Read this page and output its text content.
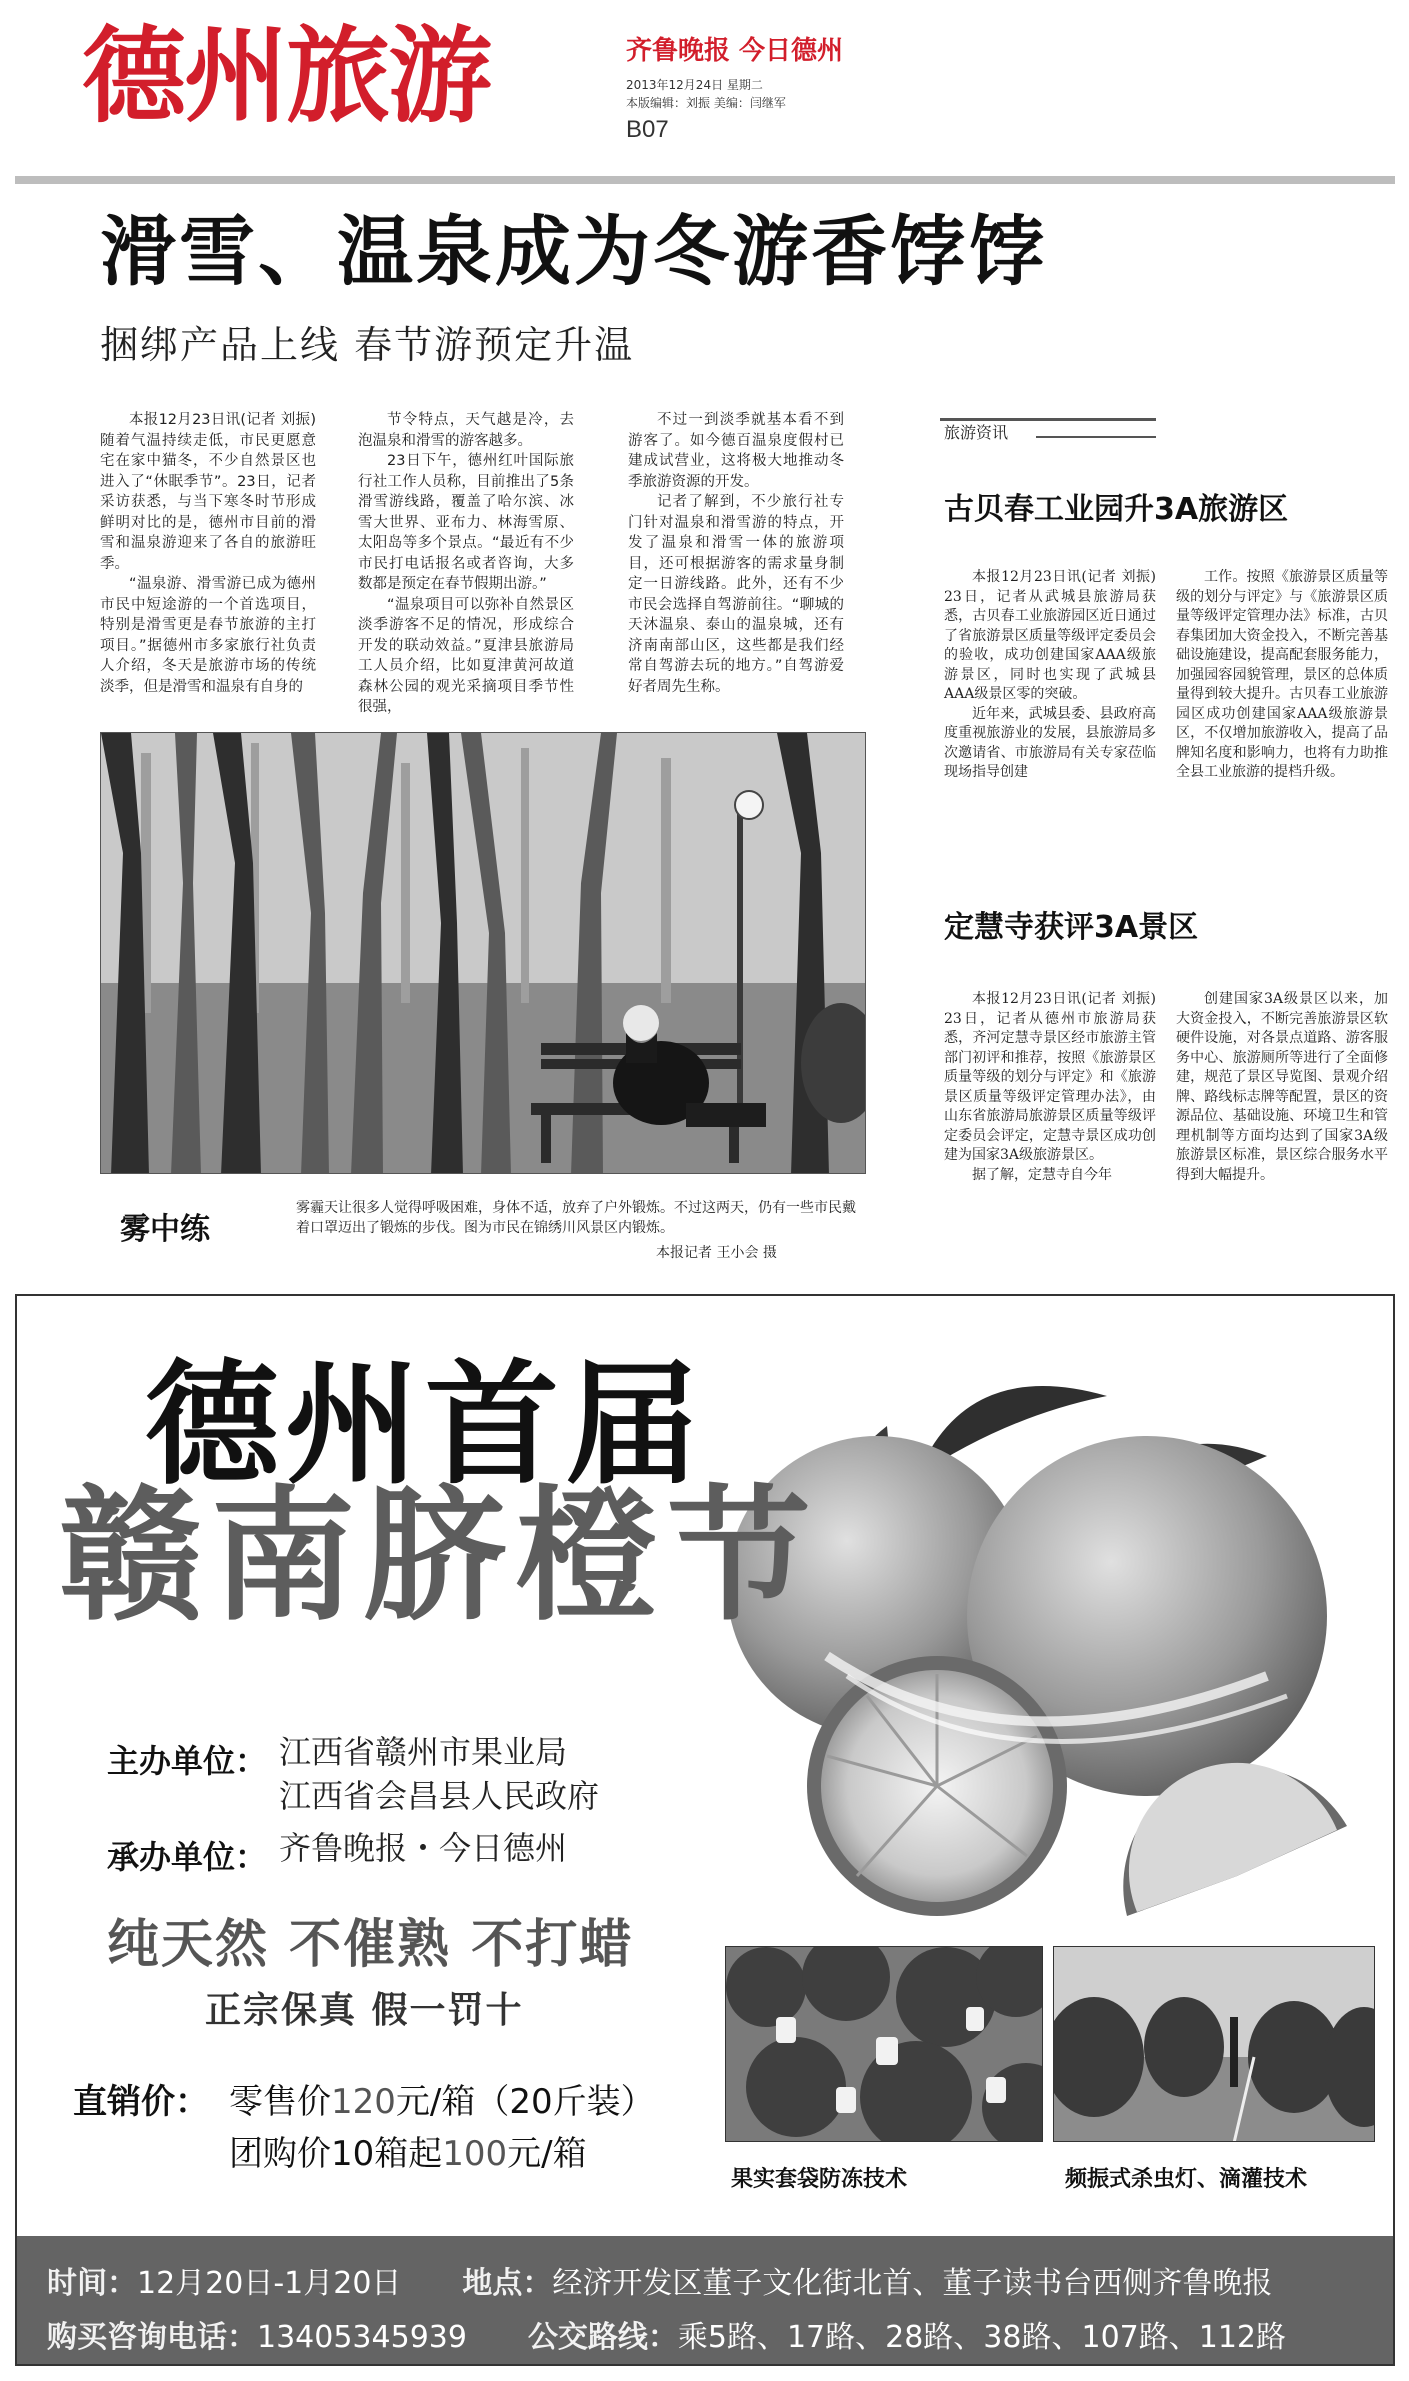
德州旅游	齐鲁晚报 今日德州
2013年12月24日 星期二
本版编辑：刘振 美编：闫继军
B07
滑雪、温泉成为冬游香饽饽
捆绑产品上线 春节游预定升温

本报12月23日讯(记者 刘振) 随着气温持续走低，市民更愿意宅在家中猫冬，不少自然景区也进入了“休眠季节”。23日，记者采访获悉，与当下寒冬时节形成鲜明对比的是，德州市目前的滑雪和温泉游迎来了各自的旅游旺季。

“温泉游、滑雪游已成为德州市民中短途游的一个首选项目，特别是滑雪更是春节旅游的主打项目。”据德州市多家旅行社负责人介绍，冬天是旅游市场的传统淡季，但是滑雪和温泉有自身的

节令特点，天气越是冷，去泡温泉和滑雪的游客越多。

23日下午，德州红叶国际旅行社工作人员称，目前推出了5条滑雪游线路，覆盖了哈尔滨、冰雪大世界、亚布力、林海雪原、太阳岛等多个景点。“最近有不少市民打电话报名或者咨询，大多数都是预定在春节假期出游。”

“温泉项目可以弥补自然景区淡季游客不足的情况，形成综合开发的联动效益。”夏津县旅游局工人员介绍，比如夏津黄河故道森林公园的观光采摘项目季节性很强，

不过一到淡季就基本看不到游客了。如今德百温泉度假村已建成试营业，这将极大地推动冬季旅游资源的开发。

记者了解到，不少旅行社专门针对温泉和滑雪游的特点，开发了温泉和滑雪一体的旅游项目，还可根据游客的需求量身制定一日游线路。此外，还有不少市民会选择自驾游前往。“聊城的天沐温泉、泰山的温泉城，还有济南南部山区，这些都是我们经常自驾游去玩的地方。”自驾游爱好者周先生称。

雾中练
雾霾天让很多人觉得呼吸困难，身体不适，放弃了户外锻炼。不过这两天，仍有一些市民戴着口罩迈出了锻炼的步伐。图为市民在锦绣川风景区内锻炼。
本报记者 王小会 摄
旅游资讯
古贝春工业园升3A旅游区

本报12月23日讯(记者 刘振) 23日，记者从武城县旅游局获悉，古贝春工业旅游园区近日通过了省旅游景区质量等级评定委员会的验收，成功创建国家AAA级旅游景区，同时也实现了武城县AAA级景区零的突破。

近年来，武城县委、县政府高度重视旅游业的发展，县旅游局多次邀请省、市旅游局有关专家莅临现场指导创建

工作。按照《旅游景区质量等级的划分与评定》与《旅游景区质量等级评定管理办法》标准，古贝春集团加大资金投入，不断完善基础设施建设，提高配套服务能力，加强园容园貌管理，景区的总体质量得到较大提升。古贝春工业旅游园区成功创建国家AAA级旅游景区，不仅增加旅游收入，提高了品牌知名度和影响力，也将有力助推全县工业旅游的提档升级。

定慧寺获评3A景区

本报12月23日讯(记者 刘振) 23日，记者从德州市旅游局获悉，齐河定慧寺景区经市旅游主管部门初评和推荐，按照《旅游景区质量等级的划分与评定》和《旅游景区质量等级评定管理办法》，由山东省旅游局旅游景区质量等级评定委员会评定，定慧寺景区成功创建为国家3A级旅游景区。

据了解，定慧寺自今年

创建国家3A级景区以来，加大资金投入，不断完善旅游景区软硬件设施，对各景点道路、游客服务中心、旅游厕所等进行了全面修建，规范了景区导览图、景观介绍牌、路线标志牌等配置，景区的资源品位、基础设施、环境卫生和管理机制等方面均达到了国家3A级旅游景区标准，景区综合服务水平得到大幅提升。

德州首届
赣南脐橙节
主办单位： 江西省赣州市果业局
江西省会昌县人民政府
承办单位： 齐鲁晚报・今日德州
纯天然 不催熟 不打蜡
正宗保真 假一罚十
直销价： 零售价120元/箱（20斤装）
团购价10箱起100元/箱
果实套袋防冻技术	频振式杀虫灯、滴灌技术
时间：12月20日-1月20日 地点：经济开发区董子文化街北首、董子读书台西侧齐鲁晚报
购买咨询电话：13405345939 公交路线：乘5路、17路、28路、38路、107路、112路
